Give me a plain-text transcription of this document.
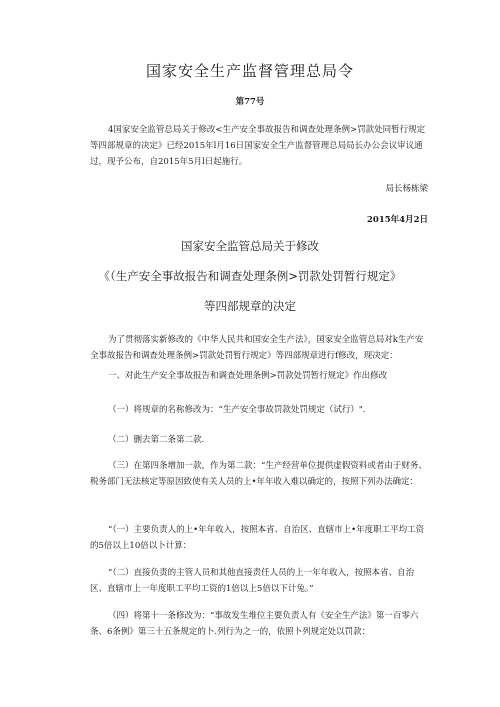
国家安全生产监督管理总局令
第77号

4国家安全监管总局关于修改<生产安全事故报告和调查处理条例>罚款处同暂行规定等四部规章的决定》已经2015年l月16日国家安全生产监督管理总局局长办公会议审议通过，现予公布，自2015年5月l日起施行。

局长杨栋梁
2015年4月2日
国家安全监管总局关于修改
《（生产安全事故报告和调查处理条例>罚款处罚暂行规定》
等四部规章的决定

为了贯彻落实新修改的《中华人民共和国安全生产法》，国家安全监管总局对k生产安全事故报告和调查处理条例>罚款处罚暂行规定》等四部规章进行f修改，现决定：

一、对此生产安全事故报告和调查处理条例>罚款处罚暂行规定》作出修改

（一）将规章的名称修改为：“生产安全事故罚款处罚规定（试行）".

（二）删去第二条第二款.

（三）在第四条增加一款，作为第二款：“生产经营单位提供虚假资料或者由于财务、税务部门无法核定等原因致使有关人员的上•年年收入难以确定的，按照下列办法确定：

“（一）主要负责人的上•年年收入，按照本省、自治区、直辖市上•年度职工平均工资的5倍以上10倍以卜计算：

“（二）直接负责的主管人员和其他直接责任人员的上一年年收入，按照本省、自治区、直辖市上一年度职工平均工资的1倍以上5倍以下计兔。”

（四）将第十一条修改为：“事故发生堆位主要负责人有《安全生产法》第一百零六条、6条例》第三十五条规定的卜.列行为之一的，依照卜列规定处以罚款：
